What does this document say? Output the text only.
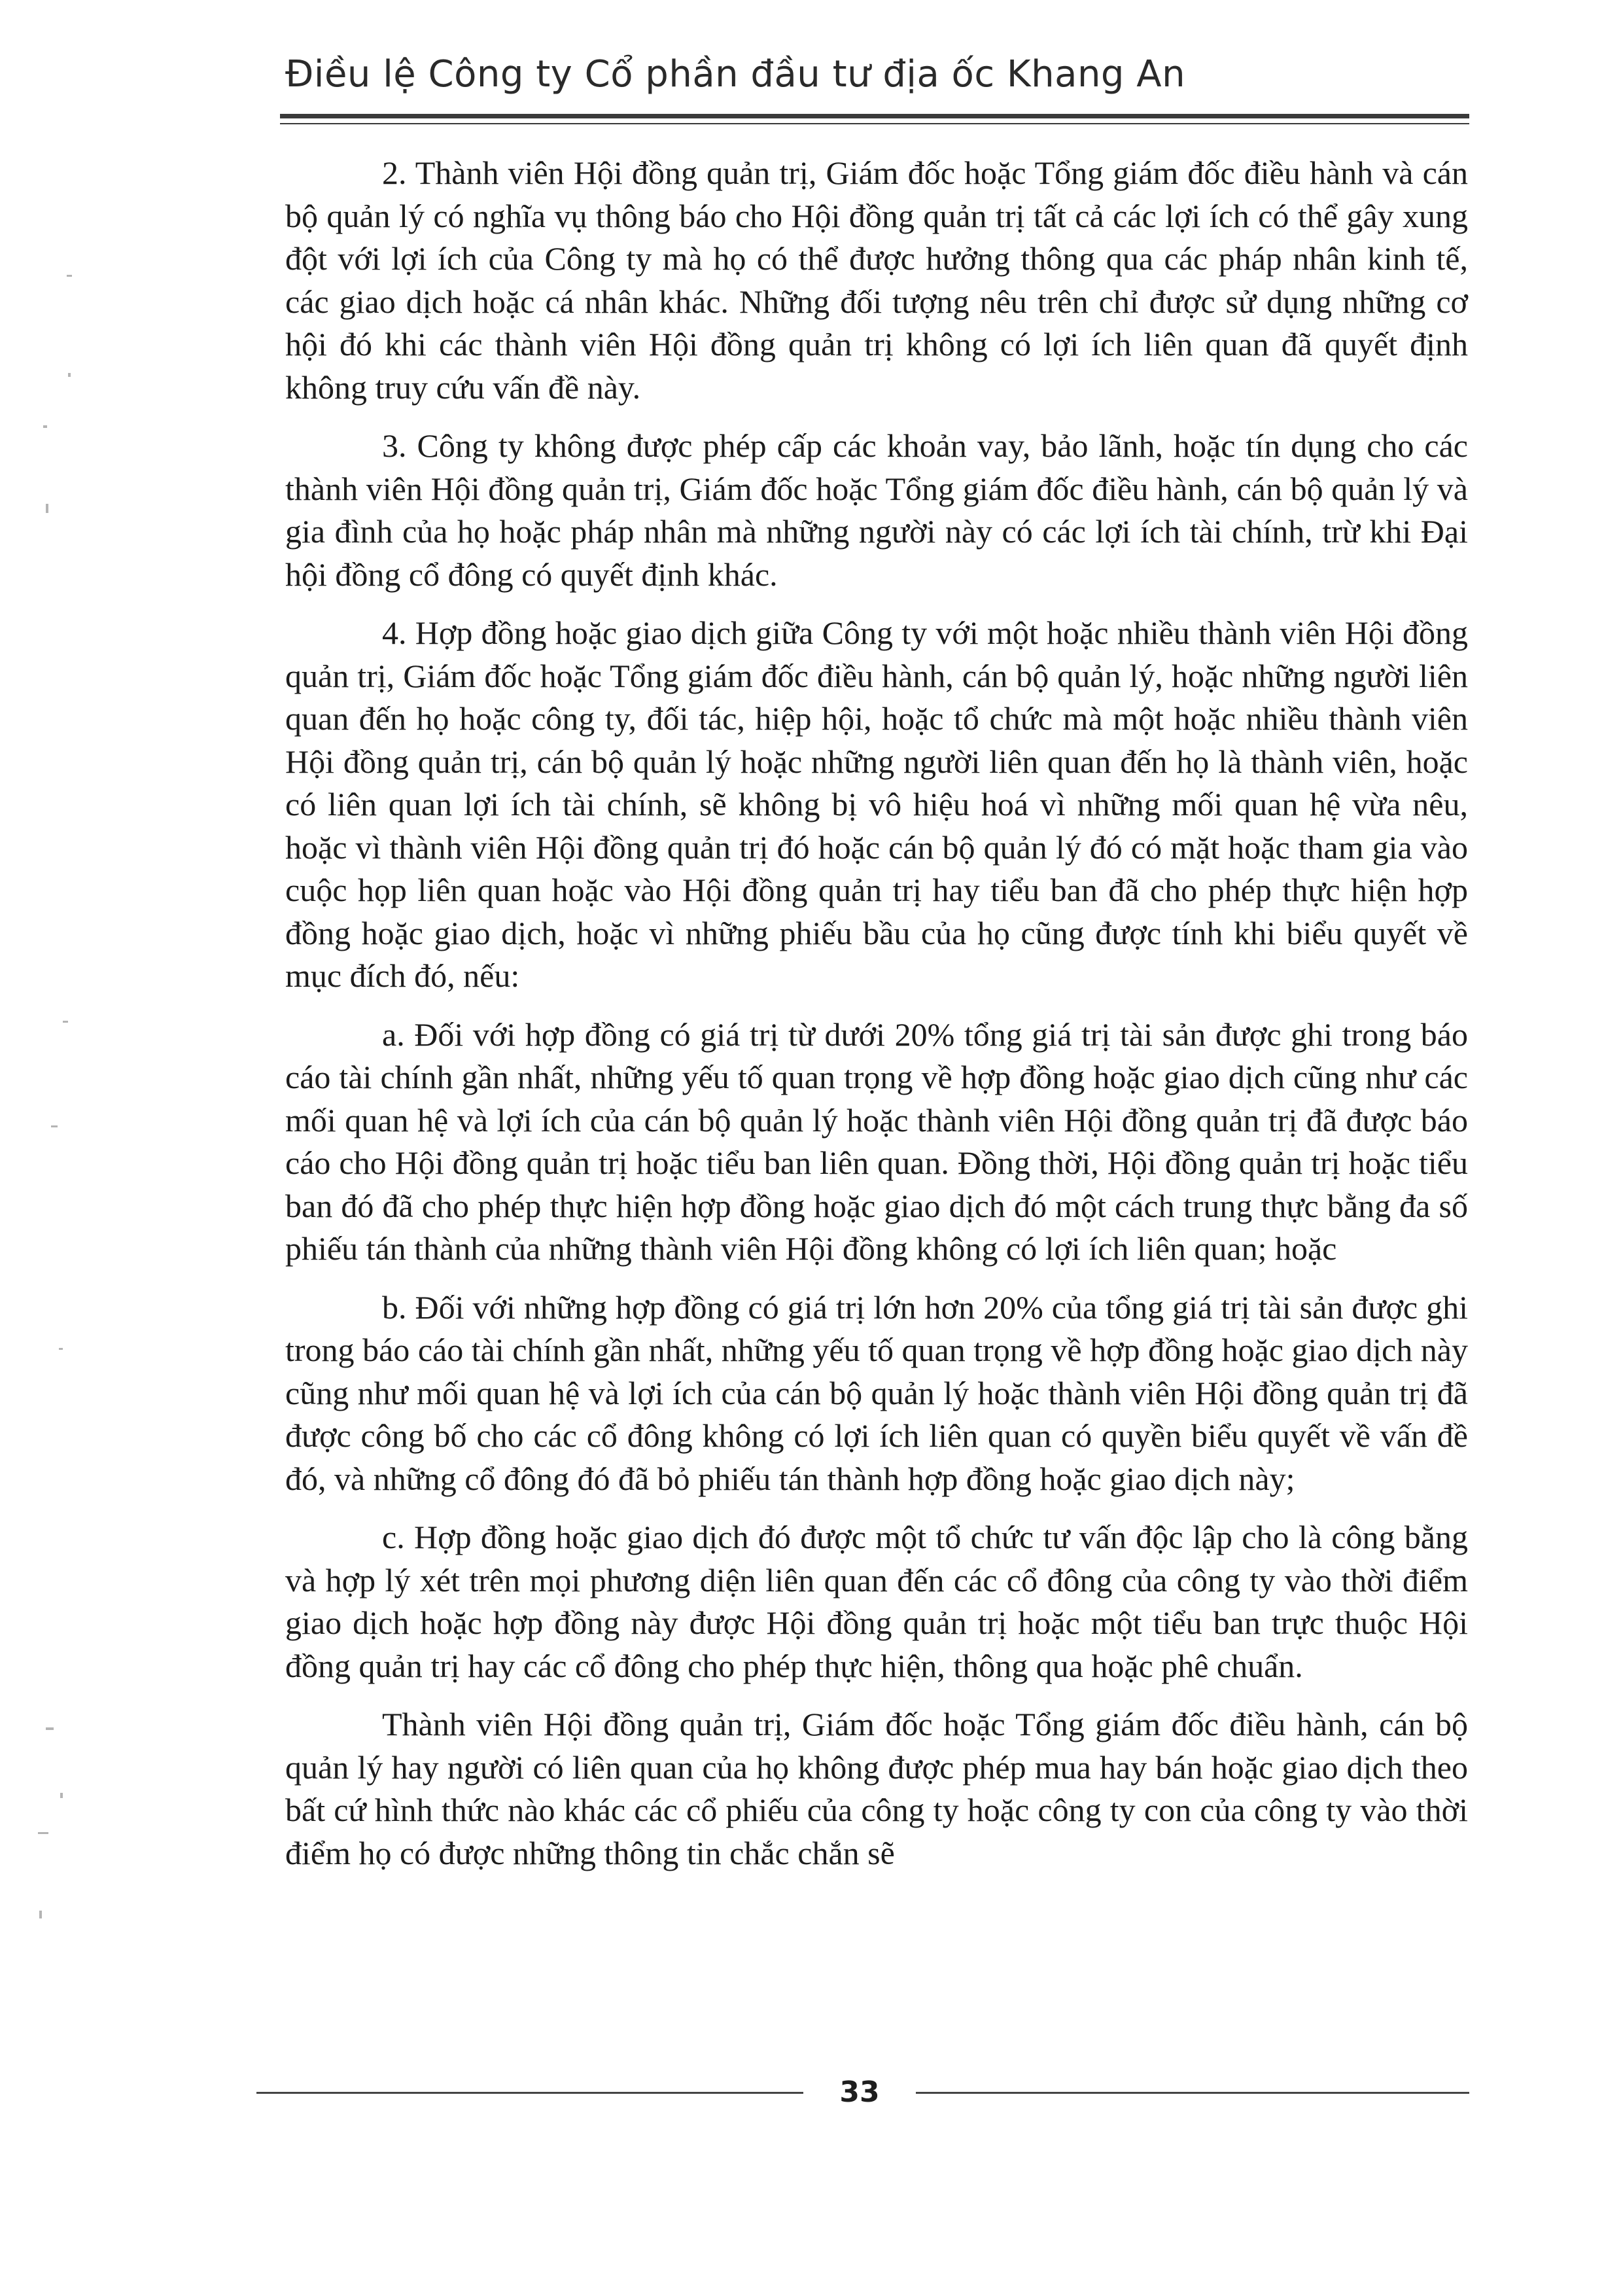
Điều lệ Công ty Cổ phần đầu tư địa ốc Khang An

2. Thành viên Hội đồng quản trị, Giám đốc hoặc Tổng giám đốc điều hành và cán bộ quản lý có nghĩa vụ thông báo cho Hội đồng quản trị tất cả các lợi ích có thể gây xung đột với lợi ích của Công ty mà họ có thể được hưởng thông qua các pháp nhân kinh tế, các giao dịch hoặc cá nhân khác. Những đối tượng nêu trên chỉ được sử dụng những cơ hội đó khi các thành viên Hội đồng quản trị không có lợi ích liên quan đã quyết định không truy cứu vấn đề này.

3. Công ty không được phép cấp các khoản vay, bảo lãnh, hoặc tín dụng cho các thành viên Hội đồng quản trị, Giám đốc hoặc Tổng giám đốc điều hành, cán bộ quản lý và gia đình của họ hoặc pháp nhân mà những người này có các lợi ích tài chính, trừ khi Đại hội đồng cổ đông có quyết định khác.

4. Hợp đồng hoặc giao dịch giữa Công ty với một hoặc nhiều thành viên Hội đồng quản trị, Giám đốc hoặc Tổng giám đốc điều hành, cán bộ quản lý, hoặc những người liên quan đến họ hoặc công ty, đối tác, hiệp hội, hoặc tổ chức mà một hoặc nhiều thành viên Hội đồng quản trị, cán bộ quản lý hoặc những người liên quan đến họ là thành viên, hoặc có liên quan lợi ích tài chính, sẽ không bị vô hiệu hoá vì những mối quan hệ vừa nêu, hoặc vì thành viên Hội đồng quản trị đó hoặc cán bộ quản lý đó có mặt hoặc tham gia vào cuộc họp liên quan hoặc vào Hội đồng quản trị hay tiểu ban đã cho phép thực hiện hợp đồng hoặc giao dịch, hoặc vì những phiếu bầu của họ cũng được tính khi biểu quyết về mục đích đó, nếu:

a. Đối với hợp đồng có giá trị từ dưới 20% tổng giá trị tài sản được ghi trong báo cáo tài chính gần nhất, những yếu tố quan trọng về hợp đồng hoặc giao dịch cũng như các mối quan hệ và lợi ích của cán bộ quản lý hoặc thành viên Hội đồng quản trị đã được báo cáo cho Hội đồng quản trị hoặc tiểu ban liên quan. Đồng thời, Hội đồng quản trị hoặc tiểu ban đó đã cho phép thực hiện hợp đồng hoặc giao dịch đó một cách trung thực bằng đa số phiếu tán thành của những thành viên Hội đồng không có lợi ích liên quan; hoặc

b. Đối với những hợp đồng có giá trị lớn hơn 20% của tổng giá trị tài sản được ghi trong báo cáo tài chính gần nhất, những yếu tố quan trọng về hợp đồng hoặc giao dịch này cũng như mối quan hệ và lợi ích của cán bộ quản lý hoặc thành viên Hội đồng quản trị đã được công bố cho các cổ đông không có lợi ích liên quan có quyền biểu quyết về vấn đề đó, và những cổ đông đó đã bỏ phiếu tán thành hợp đồng hoặc giao dịch này;

c. Hợp đồng hoặc giao dịch đó được một tổ chức tư vấn độc lập cho là công bằng và hợp lý xét trên mọi phương diện liên quan đến các cổ đông của công ty vào thời điểm giao dịch hoặc hợp đồng này được Hội đồng quản trị hoặc một tiểu ban trực thuộc Hội đồng quản trị hay các cổ đông cho phép thực hiện, thông qua hoặc phê chuẩn.

Thành viên Hội đồng quản trị, Giám đốc hoặc Tổng giám đốc điều hành, cán bộ quản lý hay người có liên quan của họ không được phép mua hay bán hoặc giao dịch theo bất cứ hình thức nào khác các cổ phiếu của công ty hoặc công ty con của công ty vào thời điểm họ có được những thông tin chắc chắn sẽ

33
